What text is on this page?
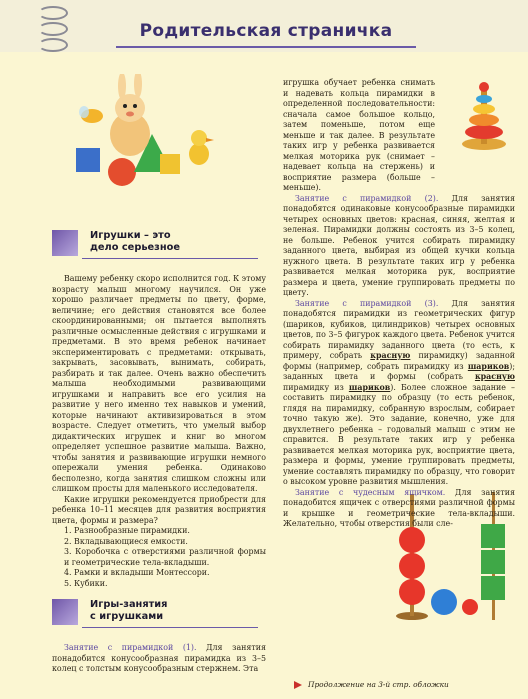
Родительская страничка
Игрушки – это
дело серьезное

Вашему ребенку скоро исполнится год. К этому возрасту малыш многому научился. Он уже хорошо различает предметы по цвету, форме, величине; его действия становятся все более скоординированными; он пытается выполнять различные осмысленные действия с игрушками и предметами. В это время ребенок начинает экспериментировать с предметами: открывать, закрывать, засовывать, вынимать, собирать, разбирать и так далее. Очень важно обеспечить малыша необходимыми развивающими игрушками и направить все его усилия на развитие у него именно тех навыков и умений, которые начинают активизироваться в этом возрасте. Следует отметить, что умелый выбор дидактических игрушек и книг во многом определяет успешное развитие малыша. Важно, чтобы занятия и развивающие игрушки немного опережали умения ребенка. Одинаково бесполезно, когда занятия слишком сложны или слишком просты для маленького исследователя.

Какие игрушки рекомендуется приобрести для ребенка 10–11 месяцев для развития восприятия цвета, формы и размера?

1. Разнообразные пирамидки.

2. Вкладывающиеся емкости.

3. Коробочка с отверстиями различной формы и геометрические тела-вкладыши.

4. Рамки и вкладыши Монтессори.

5. Кубики.

Игры-занятия
с игрушками

Занятие с пирамидкой (1). Для занятия понадобится конусообразная пирамидка из 3–5 колец с толстым конусообразным стержнем. Эта

игрушка обучает ребенка снимать и надевать кольца пирамидки в определенной последовательности: сначала самое большое кольцо, затем поменьше, потом еще меньше и так далее. В результате таких игр у ребенка развивается мелкая моторика рук (снимает – надевает кольца на стержень) и восприятие размера (больше – меньше).

Занятие с пирамидкой (2). Для занятия понадобятся одинаковые конусообразные пирамидки четырех основных цветов: красная, синяя, желтая и зеленая. Пирамидки должны состоять из 3–5 колец, не больше. Ребенок учится собирать пирамидку заданного цвета, выбирая из общей кучки кольца нужного цвета. В результате таких игр у ребенка развивается мелкая моторика рук, восприятие размера и цвета, умение группировать предметы по цвету.

Занятие с пирамидкой (3). Для занятия понадобятся пирамидки из геометрических фигур (шариков, кубиков, цилиндриков) четырех основных цветов, по 3–5 фигурок каждого цвета. Ребенок учится собирать пирамидку заданного цвета (то есть, к примеру, собрать красную пирамидку) заданной формы (например, собрать пирамидку из шариков); заданных цвета и формы (собрать красную пирамидку из шариков). Более сложное задание – составить пирамидку по образцу (то есть ребенок, глядя на пирамидку, собранную взрослым, собирает точно такую же). Это задание, конечно, уже для двухлетнего ребенка – годовалый малыш с этим не справится. В результате таких игр у ребенка развивается мелкая моторика рук, восприятие цвета, размера и формы, умение группировать предметы, умение составлять пирамидку по образцу, что говорит о высоком уровне развития мышления.

Занятие с чудесным ящичком. Для занятия понадобится ящичек с отверстиями различной формы и крышке и геометрические тела-вкладыши. Желательно, чтобы отверстия были сле-

Продолжение на 3-й стр. обложки
